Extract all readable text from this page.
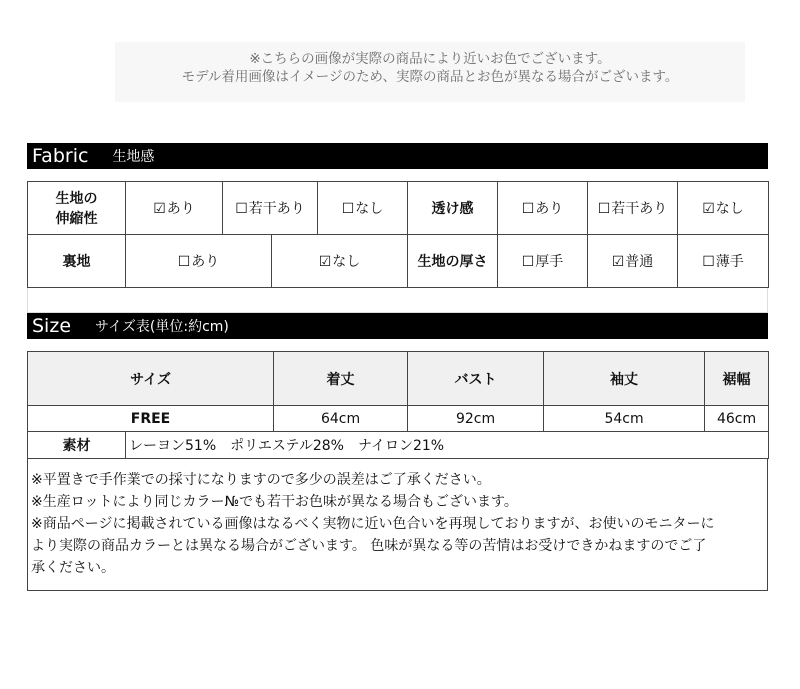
※こちらの画像が実際の商品により近いお色でございます。
モデル着用画像はイメージのため、実際の商品とお色が異なる場合がございます。
Fabric 生地感
生地の
伸縮性	☑あり	☐若干あり		☐なし	透け感	☐あり	☐若干あり	☑なし
裏地	☐あり		☑なし		生地の厚さ	☐厚手	☑普通	☐薄手
Size サイズ表(単位:約cm)
サイズ		着丈	バスト	袖丈	裾幅
FREE		64cm	92cm	54cm	46cm
素材	レーヨン51%　ポリエステル28%　ナイロン21%				
※平置きで手作業での採寸になりますので多少の誤差はご了承ください。
※生産ロットにより同じカラー№でも若干お色味が異なる場合もございます。
※商品ページに掲載されている画像はなるべく実物に近い色合いを再現しておりますが、お使いのモニターに
より実際の商品カラーとは異なる場合がございます。 色味が異なる等の苦情はお受けできかねますのでご了
承ください。
